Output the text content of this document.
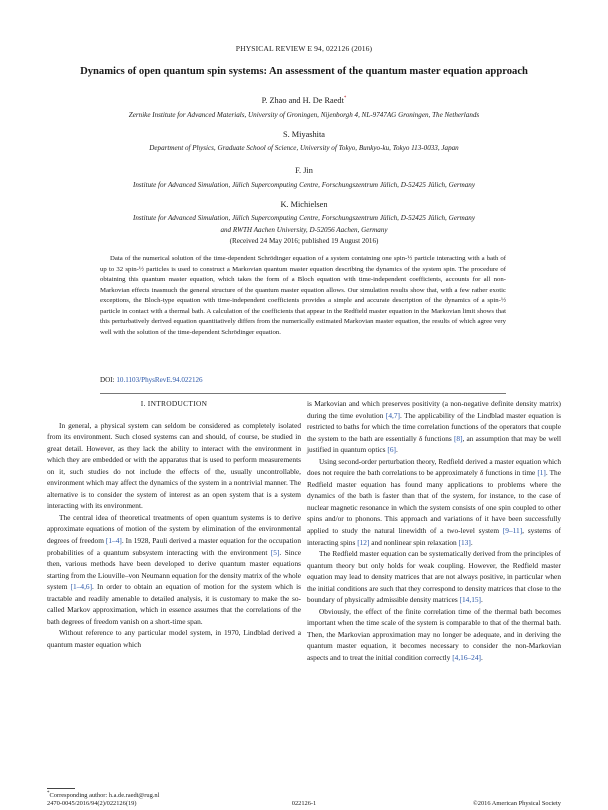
PHYSICAL REVIEW E 94, 022126 (2016)
Dynamics of open quantum spin systems: An assessment of the quantum master equation approach
P. Zhao and H. De Raedt*
Zernike Institute for Advanced Materials, University of Groningen, Nijenborgh 4, NL-9747AG Groningen, The Netherlands
S. Miyashita
Department of Physics, Graduate School of Science, University of Tokyo, Bunkyo-ku, Tokyo 113-0033, Japan
F. Jin
Institute for Advanced Simulation, Jülich Supercomputing Centre, Forschungszentrum Jülich, D-52425 Jülich, Germany
K. Michielsen
Institute for Advanced Simulation, Jülich Supercomputing Centre, Forschungszentrum Jülich, D-52425 Jülich, Germany
and RWTH Aachen University, D-52056 Aachen, Germany
(Received 24 May 2016; published 19 August 2016)

Data of the numerical solution of the time-dependent Schrödinger equation of a system containing one spin-½ particle interacting with a bath of up to 32 spin-½ particles is used to construct a Markovian quantum master equation describing the dynamics of the system spin. The procedure of obtaining this quantum master equation, which takes the form of a Bloch equation with time-independent coefficients, accounts for all non-Markovian effects inasmuch the general structure of the quantum master equation allows. Our simulation results show that, with a few rather exotic exceptions, the Bloch-type equation with time-independent coefficients provides a simple and accurate description of the dynamics of a spin-½ particle in contact with a thermal bath. A calculation of the coefficients that appear in the Redfield master equation in the Markovian limit shows that this perturbatively derived equation quantitatively differs from the numerically estimated Markovian master equation, the results of which agree very well with the solution of the time-dependent Schrödinger equation.

DOI: 10.1103/PhysRevE.94.022126

I. INTRODUCTION

In general, a physical system can seldom be considered as completely isolated from its environment. Such closed systems can and should, of course, be studied in great detail. However, as they lack the ability to interact with the environment in which they are embedded or with the apparatus that is used to perform measurements on it, such studies do not include the effects of the, usually uncontrollable, environment which may affect the dynamics of the system in a nontrivial manner. The alternative is to consider the system of interest as an open system that is a system interacting with its environment.

The central idea of theoretical treatments of open quantum systems is to derive approximate equations of motion of the system by elimination of the environmental degrees of freedom [1–4]. In 1928, Pauli derived a master equation for the occupation probabilities of a quantum subsystem interacting with the environment [5]. Since then, various methods have been developed to derive quantum master equations starting from the Liouville–von Neumann equation for the density matrix of the whole system [1–4,6]. In order to obtain an equation of motion for the system which is tractable and readily amenable to detailed analysis, it is customary to make the so-called Markov approximation, which in essence assumes that the correlations of the bath degrees of freedom vanish on a short-time span.

Without reference to any particular model system, in 1970, Lindblad derived a quantum master equation which

is Markovian and which preserves positivity (a non-negative definite density matrix) during the time evolution [4,7]. The applicability of the Lindblad master equation is restricted to baths for which the time correlation functions of the operators that couple the system to the bath are essentially δ functions [8], an assumption that may be well justified in quantum optics [6].

Using second-order perturbation theory, Redfield derived a master equation which does not require the bath correlations to be approximately δ functions in time [1]. The Redfield master equation has found many applications to problems where the dynamics of the bath is faster than that of the system, for instance, to the case of nuclear magnetic resonance in which the system consists of one spin coupled to other spins and/or to phonons. This approach and variations of it have been successfully applied to study the natural linewidth of a two-level system [9–11], systems of interacting spins [12] and nonlinear spin relaxation [13].

The Redfield master equation can be systematically derived from the principles of quantum theory but only holds for weak coupling. However, the Redfield master equation may lead to density matrices that are not always positive, in particular when the initial conditions are such that they correspond to density matrices that close to the boundary of physically admissible density matrices [14,15].

Obviously, the effect of the finite correlation time of the thermal bath becomes important when the time scale of the system is comparable to that of the thermal bath. Then, the Markovian approximation may no longer be adequate, and in deriving the quantum master equation, it becomes necessary to consider the non-Markovian aspects and to treat the initial condition correctly [4,16–24].

*Corresponding author: h.a.de.raedt@rug.nl
2470-0045/2016/94(2)/022126(19)	022126-1	©2016 American Physical Society
